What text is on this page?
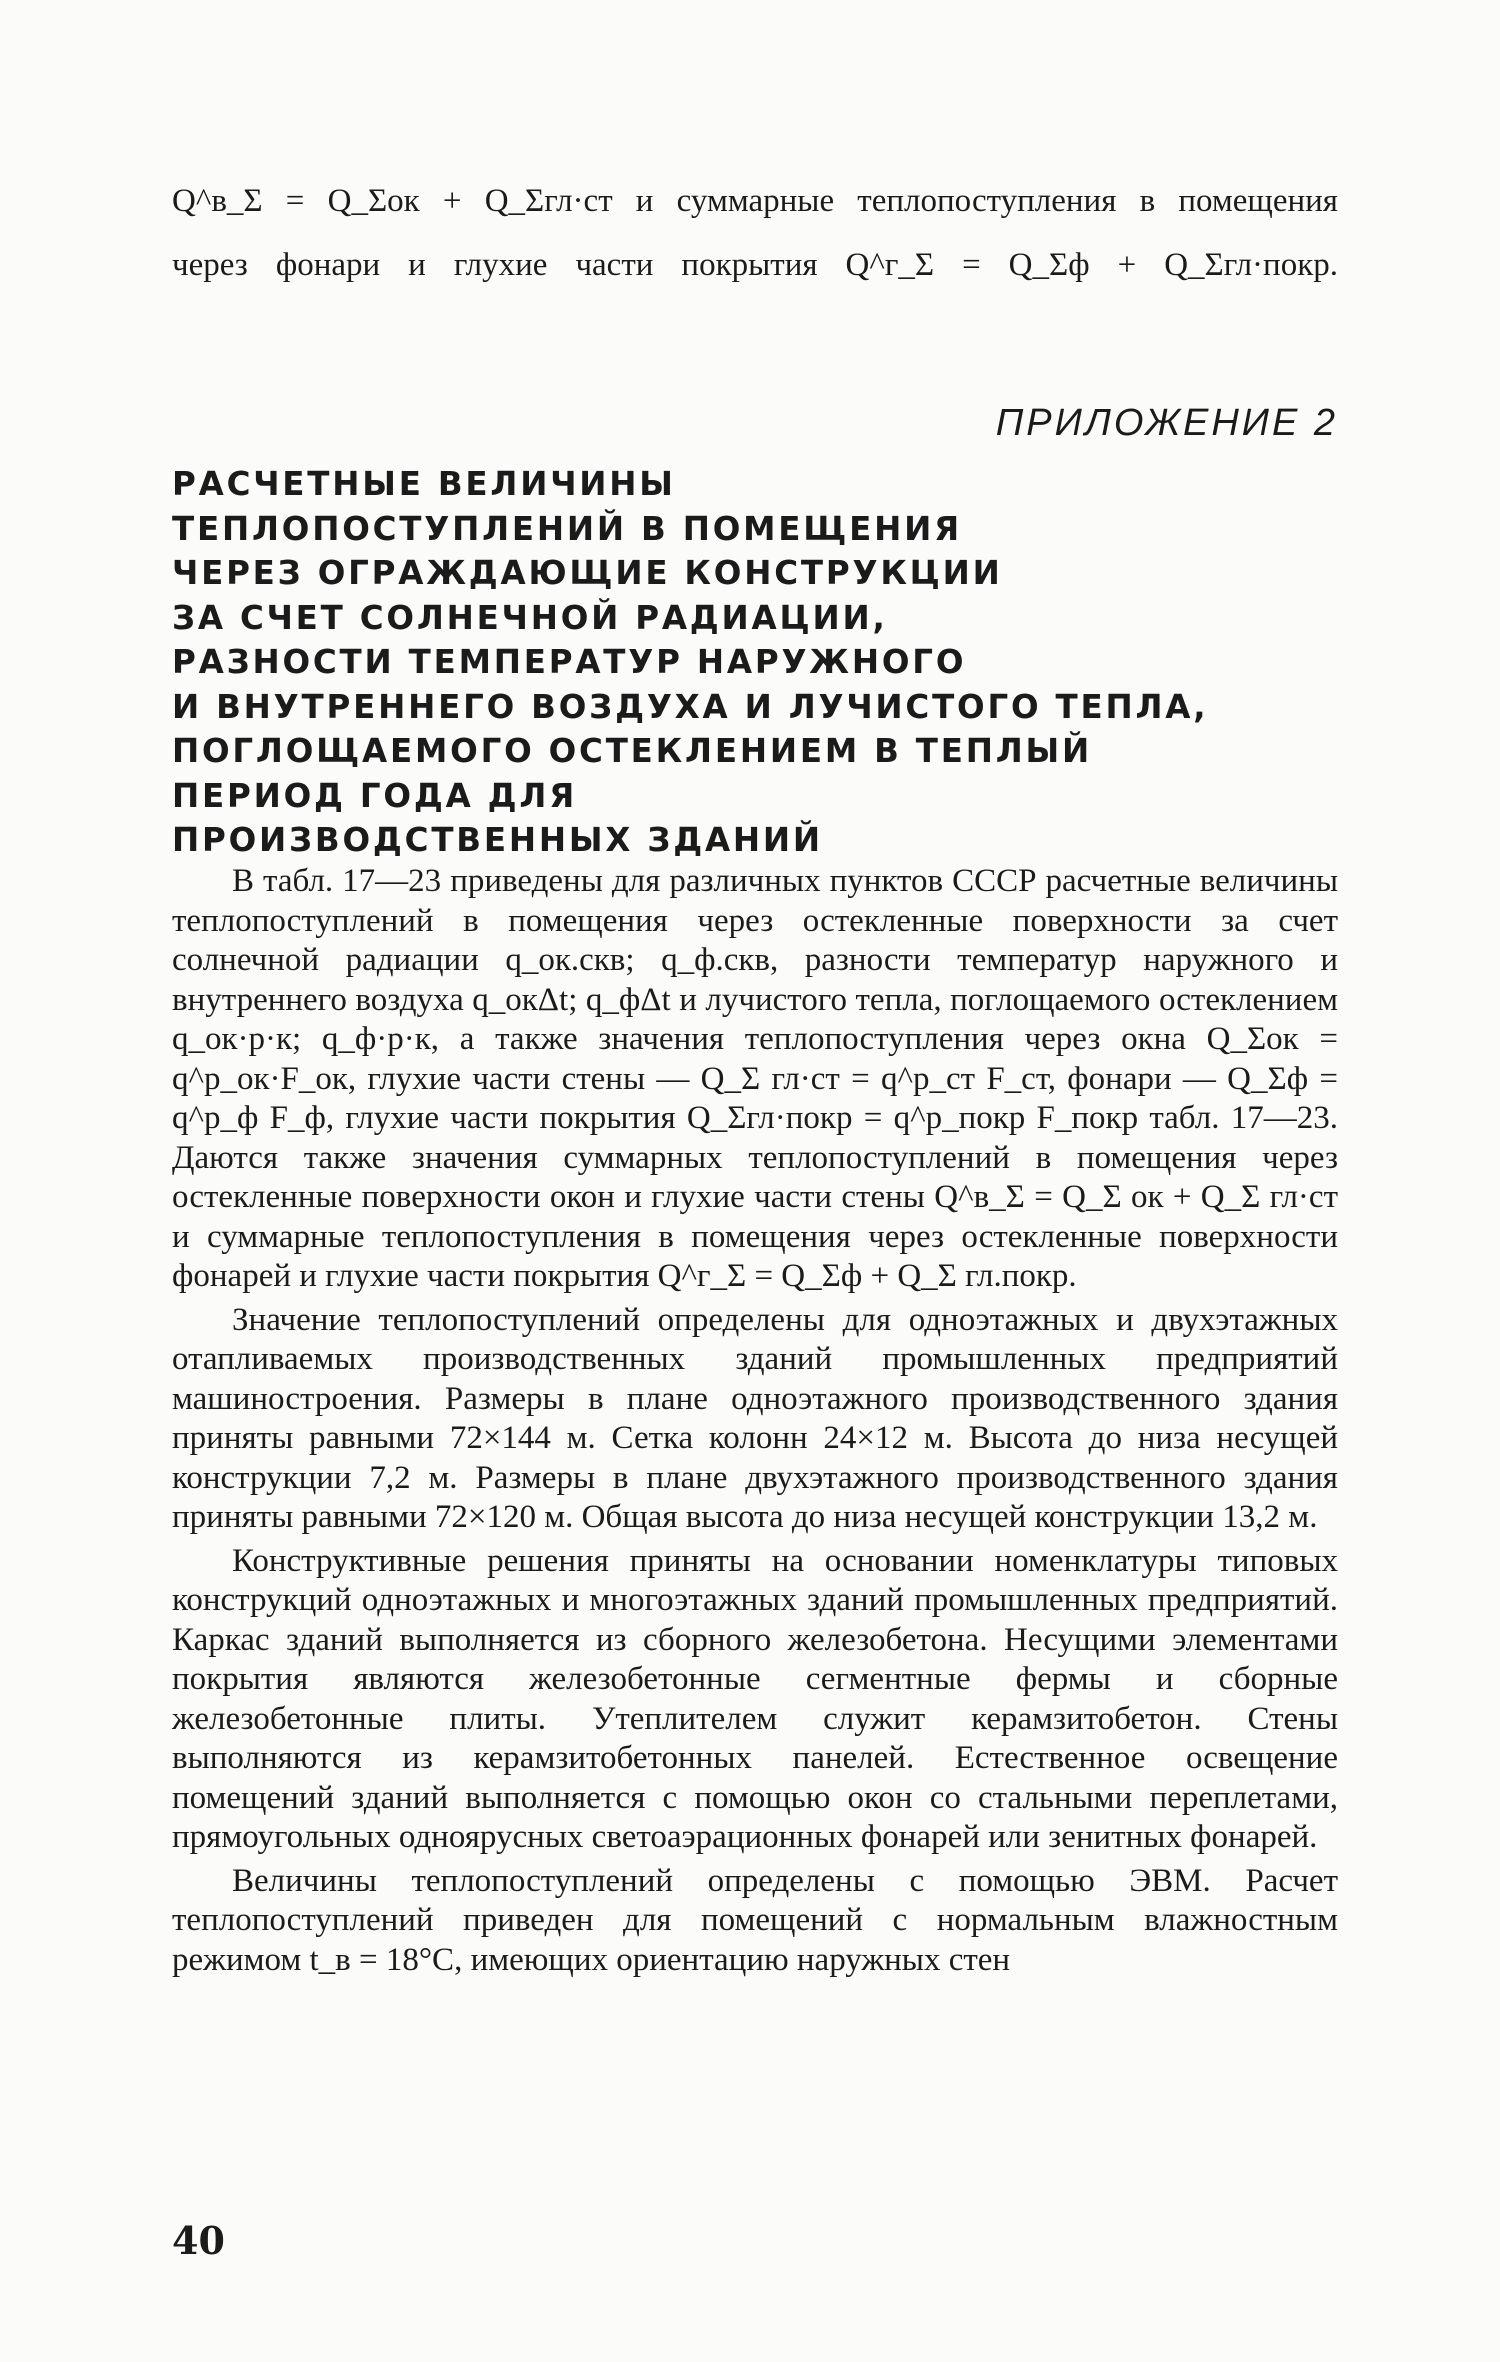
Q^в_Σ = Q_Σок + Q_Σгл·ст и суммарные теплопоступления в помещения
через фонари и глухие части покрытия Q^г_Σ = Q_Σф + Q_Σгл·покр.
ПРИЛОЖЕНИЕ 2
РАСЧЕТНЫЕ ВЕЛИЧИНЫ
ТЕПЛОПОСТУПЛЕНИЙ В ПОМЕЩЕНИЯ
ЧЕРЕЗ ОГРАЖДАЮЩИЕ КОНСТРУКЦИИ
ЗА СЧЕТ СОЛНЕЧНОЙ РАДИАЦИИ,
РАЗНОСТИ ТЕМПЕРАТУР НАРУЖНОГО
И ВНУТРЕННЕГО ВОЗДУХА И ЛУЧИСТОГО ТЕПЛА,
ПОГЛОЩАЕМОГО ОСТЕКЛЕНИЕМ В ТЕПЛЫЙ
ПЕРИОД ГОДА ДЛЯ
ПРОИЗВОДСТВЕННЫХ ЗДАНИЙ

В табл. 17—23 приведены для различных пунктов СССР расчетные величины теплопоступлений в помещения через остекленные поверхности за счет солнечной радиации q_ок.скв; q_ф.скв, разности температур наружного и внутреннего воздуха q_окΔt; q_фΔt и лучистого тепла, поглощаемого остеклением q_ок·р·к; q_ф·р·к, а также значения теплопоступления через окна Q_Σок = q^р_ок·F_ок, глухие части стены — Q_Σ гл·ст = q^р_ст F_ст, фонари — Q_Σф = q^р_ф F_ф, глухие части покрытия Q_Σгл·покр = q^р_покр F_покр табл. 17—23. Даются также значения суммарных теплопоступлений в помещения через остекленные поверхности окон и глухие части стены Q^в_Σ = Q_Σ ок + Q_Σ гл·ст и суммарные теплопоступления в помещения через остекленные поверхности фонарей и глухие части покрытия Q^г_Σ = Q_Σф + Q_Σ гл.покр.

Значение теплопоступлений определены для одноэтажных и двухэтажных отапливаемых производственных зданий промышленных предприятий машиностроения. Размеры в плане одноэтажного производственного здания приняты равными 72×144 м. Сетка колонн 24×12 м. Высота до низа несущей конструкции 7,2 м. Размеры в плане двухэтажного производственного здания приняты равными 72×120 м. Общая высота до низа несущей конструкции 13,2 м.

Конструктивные решения приняты на основании номенклатуры типовых конструкций одноэтажных и многоэтажных зданий промышленных предприятий. Каркас зданий выполняется из сборного железобетона. Несущими элементами покрытия являются железобетонные сегментные фермы и сборные железобетонные плиты. Утеплителем служит керамзитобетон. Стены выполняются из керамзитобетонных панелей. Естественное освещение помещений зданий выполняется с помощью окон со стальными переплетами, прямоугольных одноярусных светоаэрационных фонарей или зенитных фонарей.

Величины теплопоступлений определены с помощью ЭВМ. Расчет теплопоступлений приведен для помещений с нормальным влажностным режимом t_в = 18°С, имеющих ориентацию наружных стен

40
